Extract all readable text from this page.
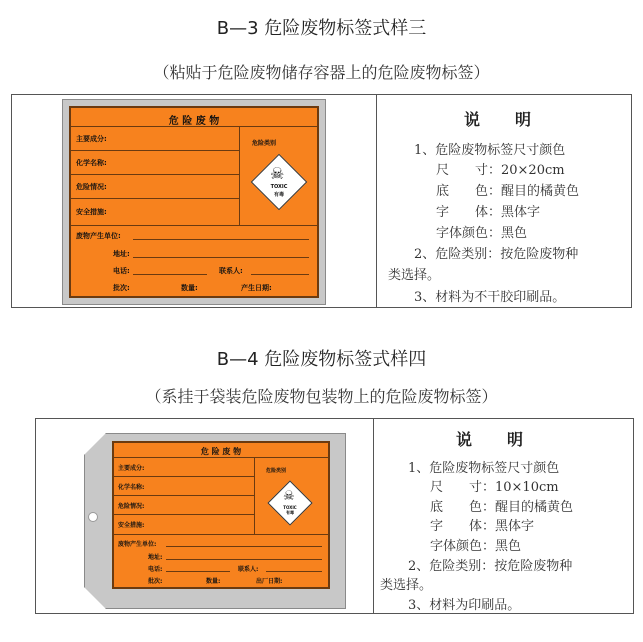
B—3 危险废物标签式样三
（粘贴于危险废物储存容器上的危险废物标签）
危 险 废 物
主要成分:
化学名称:
危险情况:
安全措施:
危险类别
☠
TOXIC
有毒
废物产生单位:
地址:
电话:	联系人:
批次:	数量:	产生日期:
说　　明
1、危险废物标签尺寸颜色
尺　　寸：20×20cm
底　　色：醒目的橘黄色
字　　体：黑体字
字体颜色：黑色
2、危险类别：按危险废物种
类选择。
3、材料为不干胶印刷品。
B—4 危险废物标签式样四
（系挂于袋装危险废物包装物上的危险废物标签）
危 险 废 物
主要成分:
化学名称:
危险情况:
安全措施:
危险类别
☠
TOXIC
有毒
废物产生单位:
地址:
电话:	联系人:
批次:	数量:	出厂日期:
说　　明
1、危险废物标签尺寸颜色
尺　　寸：10×10cm
底　　色：醒目的橘黄色
字　　体：黑体字
字体颜色：黑色
2、危险类别：按危险废物种
类选择。
3、材料为印刷品。
